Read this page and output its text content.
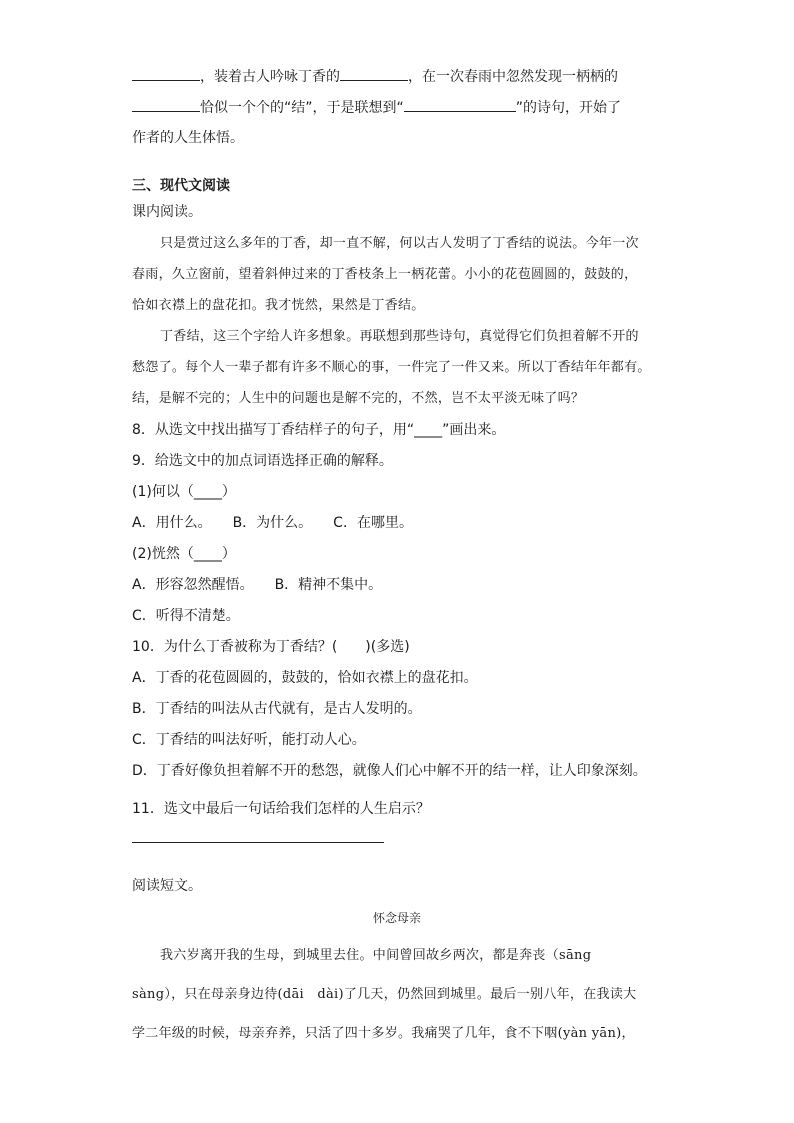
，装着古人吟咏丁香的	，在一次春雨中忽然发现一柄柄的
恰似一个个的“结”，于是联想到“	”的诗句，开始了
作者的人生体悟。
三、现代文阅读
课内阅读。
只是赏过这么多年的丁香，却一直不解，何以古人发明了丁香结的说法。今年一次
春雨，久立窗前，望着斜伸过来的丁香枝条上一柄花蕾。小小的花苞圆圆的，鼓鼓的，
恰如衣襟上的盘花扣。我才恍然，果然是丁香结。
丁香结，这三个字给人许多想象。再联想到那些诗句，真觉得它们负担着解不开的
愁怨了。每个人一辈子都有许多不顺心的事，一件完了一件又来。所以丁香结年年都有。
结，是解不完的；人生中的问题也是解不完的，不然，岂不太平淡无味了吗？
8．从选文中找出描写丁香结样子的句子，用“____”画出来。
9．给选文中的加点词语选择正确的解释。
(1)何以（____）
A．用什么。　　B．为什么。　　C．在哪里。
(2)恍然（____）
A．形容忽然醒悟。　　B．精神不集中。
C．听得不清楚。
10．为什么丁香被称为丁香结？(　　)(多选)
A．丁香的花苞圆圆的，鼓鼓的，恰如衣襟上的盘花扣。
B．丁香结的叫法从古代就有，是古人发明的。
C．丁香结的叫法好听，能打动人心。
D．丁香好像负担着解不开的愁怨，就像人们心中解不开的结一样，让人印象深刻。
11．选文中最后一句话给我们怎样的人生启示？
阅读短文。
怀念母亲
我六岁离开我的生母，到城里去住。中间曾回故乡两次，都是奔丧（sāng
sàng），只在母亲身边待(dāi　dài)了几天，仍然回到城里。最后一别八年，在我读大
学二年级的时候，母亲弃养，只活了四十多岁。我痛哭了几年，食不下咽(yàn yān)，
